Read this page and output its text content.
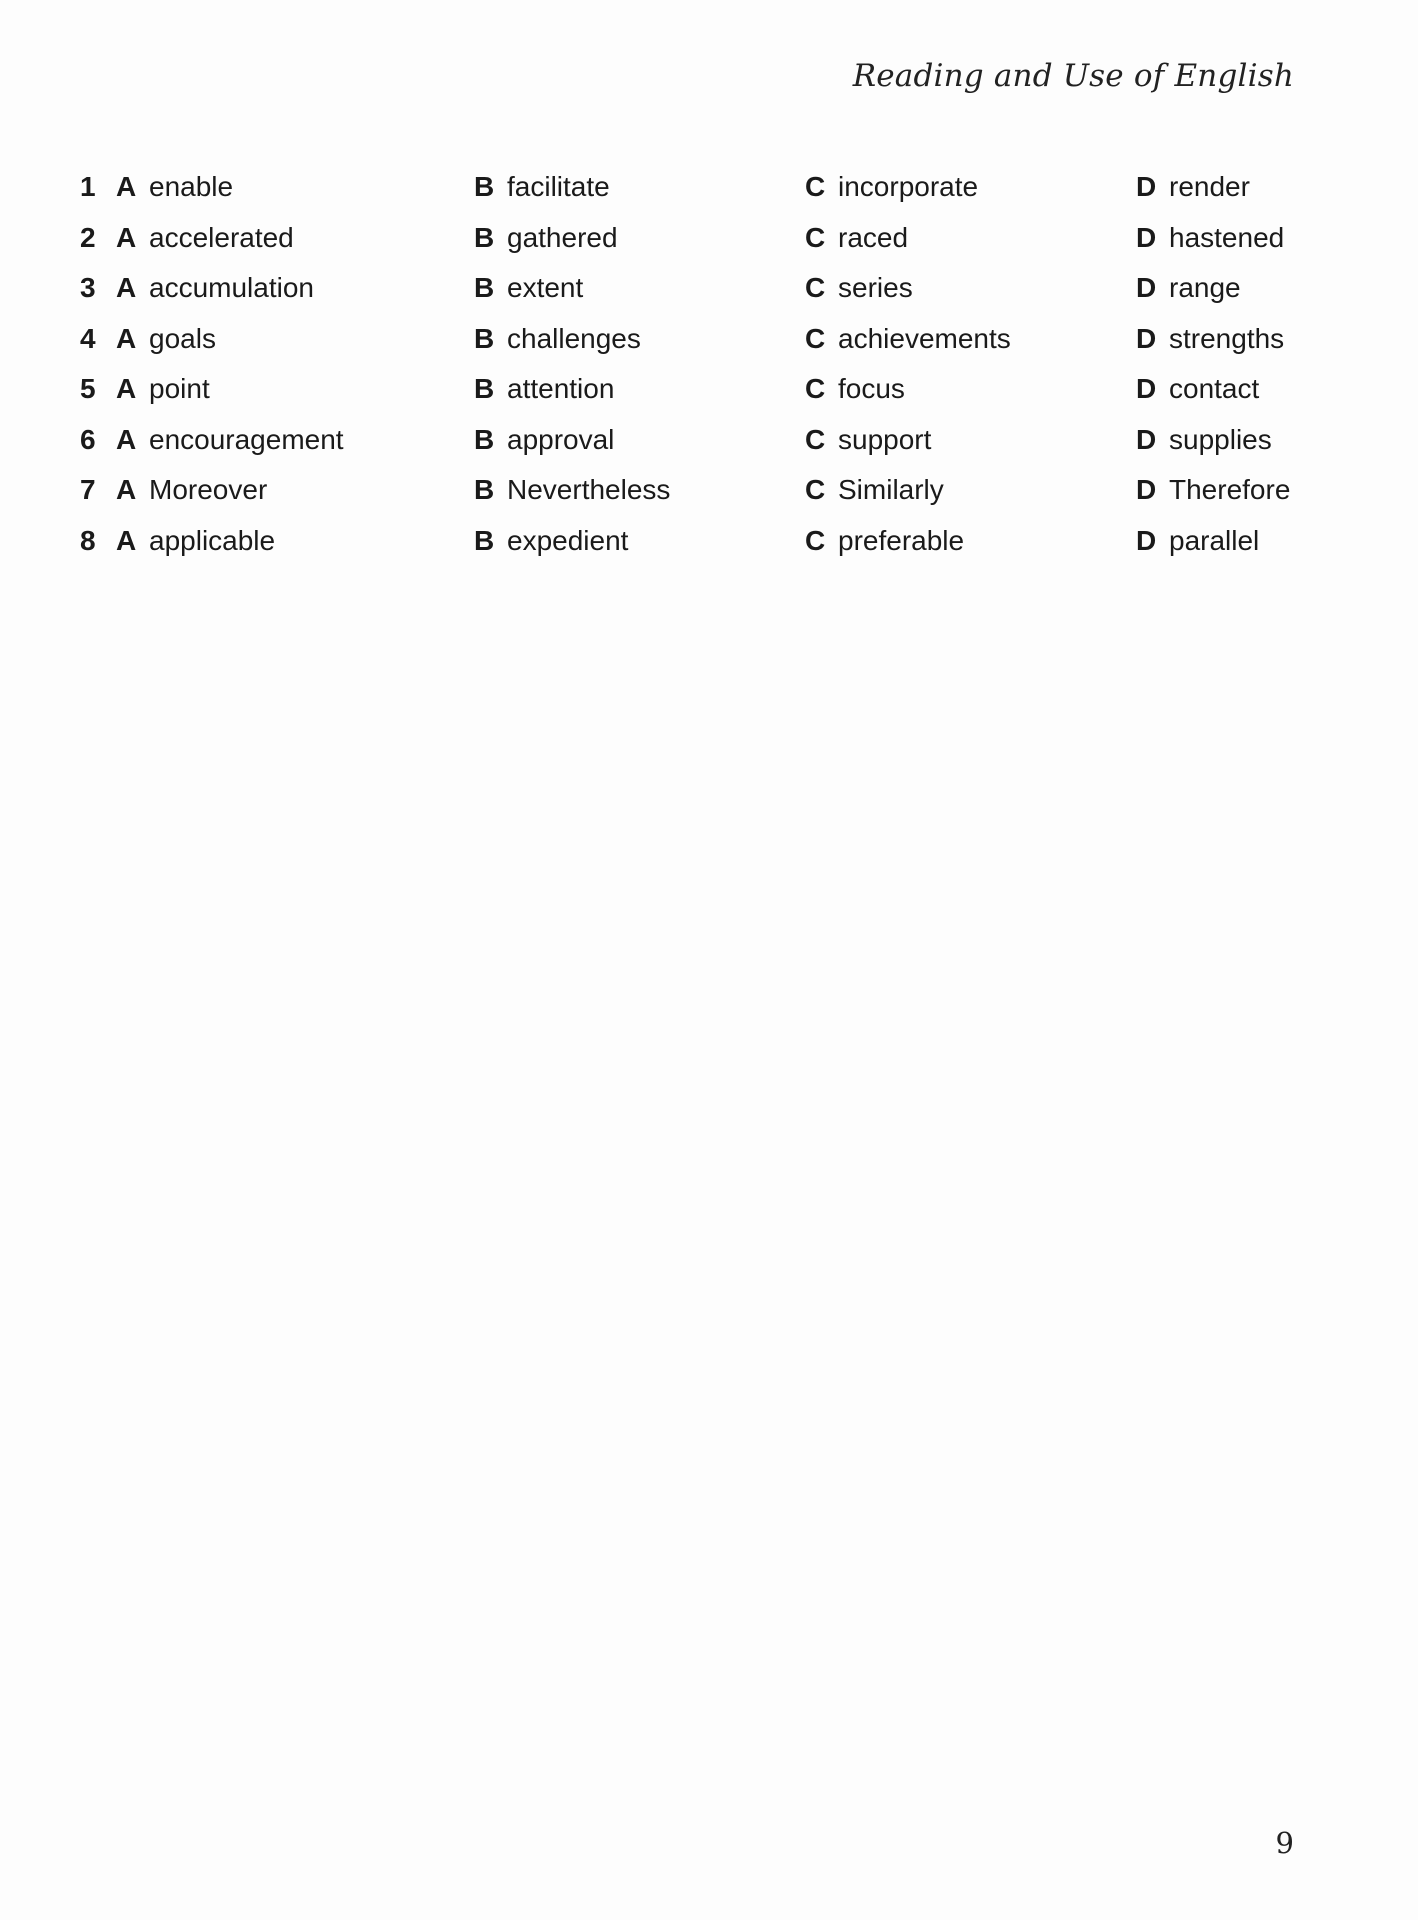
Reading and Use of English
1 A enable	B facilitate	C incorporate	D render
2 A accelerated	B gathered	C raced	D hastened
3 A accumulation	B extent	C series	D range
4 A goals	B challenges	C achievements	D strengths
5 A point	B attention	C focus	D contact
6 A encouragement	B approval	C support	D supplies
7 A Moreover	B Nevertheless	C Similarly	D Therefore
8 A applicable	B expedient	C preferable	D parallel
9
